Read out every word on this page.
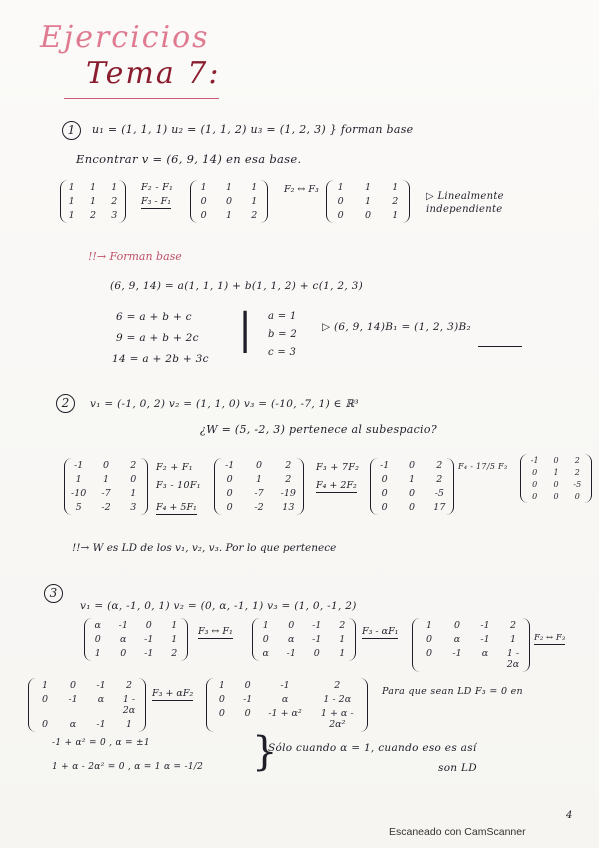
Ejercicios
Tema 7:
1	u₁ = (1, 1, 1) u₂ = (1, 1, 2) u₃ = (1, 2, 3) } forman base
Encontrar v = (6, 9, 14) en esa base.
1 1 1
1 1 2
1 2 3
F₂ - F₁
F₃ - F₁
1	1	1
0	0	1
0	1	2
F₂ ↔ F₃	1	1	1
0	1	2
0	0	1
▷ Linealmente independiente
!!→ Forman base
(6, 9, 14) = a(1, 1, 1) + b(1, 1, 2) + c(1, 2, 3)
6 = a + b + c
9 = a + b + 2c
14 = a + 2b + 3c
| a = 1
b = 2
c = 3
▷ (6, 9, 14)B₁ = (1, 2, 3)B₂
2	v₁ = (-1, 0, 2) v₂ = (1, 1, 0) v₃ = (-10, -7, 1) ∈ ℝ³
¿W = (5, -2, 3) pertenece al subespacio?
-1	0	2
1	1	0
-10	-7	1
5	-2	3
F₂ + F₁
F₃ - 10F₁
F₄ + 5F₁
-1	0	2
0	1	2
0	-7	-19
0	-2	13
F₃ + 7F₂
F₄ + 2F₂
-1	0	2
0	1	2
0	0	-5
0	0	17
F₄ - 17/5 F₃
-1	0	2
0	1	2
0	0	-5
0	0	0
!!→ W es LD de los v₁, v₂, v₃. Por lo que pertenece
3
v₁ = (α, -1, 0, 1) v₂ = (0, α, -1, 1) v₃ = (1, 0, -1, 2)
α	-1	0	1
0	α	-1	1
1	0	-1	2
F₃ ↔ F₁
1	0	-1	2
0	α	-1	1
α	-1	0	1
F₃ - αF₁
1	0	-1	2
0	α	-1	1
0	-1	α	1 - 2α
F₂ ↔ F₃
1	0	-1	2
0	-1	α	1 - 2α
0	α	-1	1
F₃ + αF₂
1	0	-1	2
0	-1	α	1 - 2α
0	0	-1 + α²	1 + α - 2α²
Para que sean LD F₃ = 0 en
-1 + α² = 0 , α = ±1
1 + α - 2α² = 0 , α = 1 α = -1/2 }
Sólo cuando α = 1, cuando eso es así
son LD
Escaneado con CamScanner
4
